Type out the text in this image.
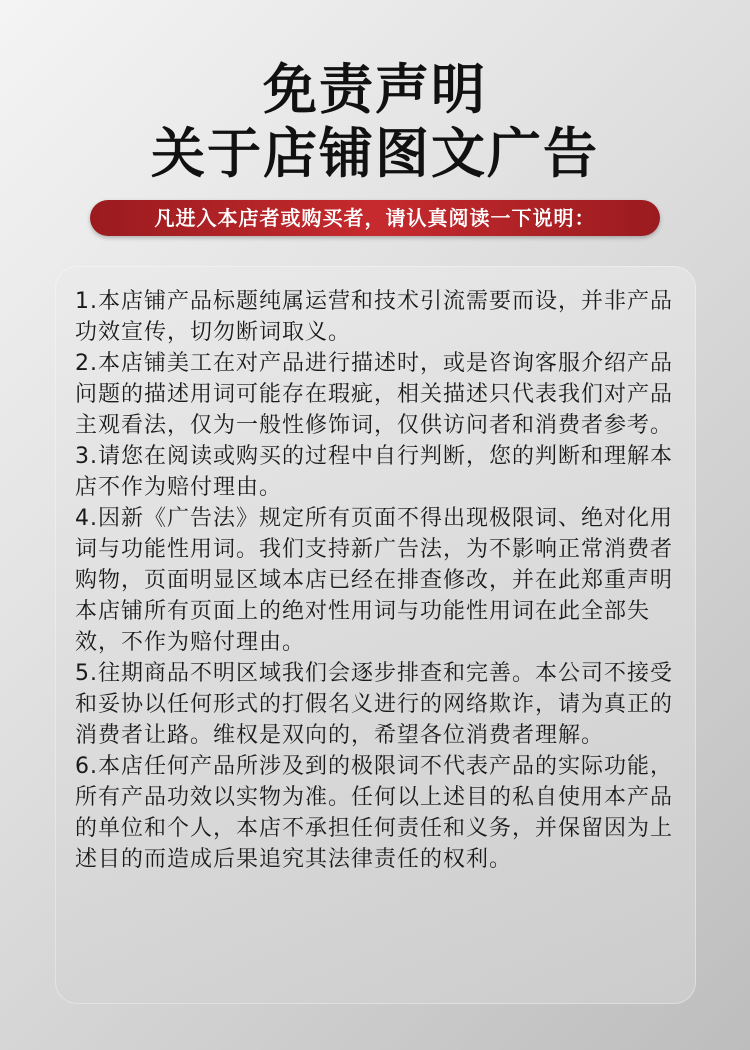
免责声明
关于店铺图文广告
凡进入本店者或购买者，请认真阅读一下说明：

1.本店铺产品标题纯属运营和技术引流需要而设，并非产品功效宣传，切勿断词取义。

2.本店铺美工在对产品进行描述时，或是咨询客服介绍产品问题的描述用词可能存在瑕疵，相关描述只代表我们对产品主观看法，仅为一般性修饰词，仅供访问者和消费者参考。

3.请您在阅读或购买的过程中自行判断，您的判断和理解本店不作为赔付理由。

4.因新《广告法》规定所有页面不得出现极限词、绝对化用词与功能性用词。我们支持新广告法，为不影响正常消费者购物，页面明显区域本店已经在排查修改，并在此郑重声明本店铺所有页面上的绝对性用词与功能性用词在此全部失效，不作为赔付理由。

5.往期商品不明区域我们会逐步排查和完善。本公司不接受和妥协以任何形式的打假名义进行的网络欺诈，请为真正的消费者让路。维权是双向的，希望各位消费者理解。

6.本店任何产品所涉及到的极限词不代表产品的实际功能，所有产品功效以实物为准。任何以上述目的私自使用本产品的单位和个人，本店不承担任何责任和义务，并保留因为上述目的而造成后果追究其法律责任的权利。
